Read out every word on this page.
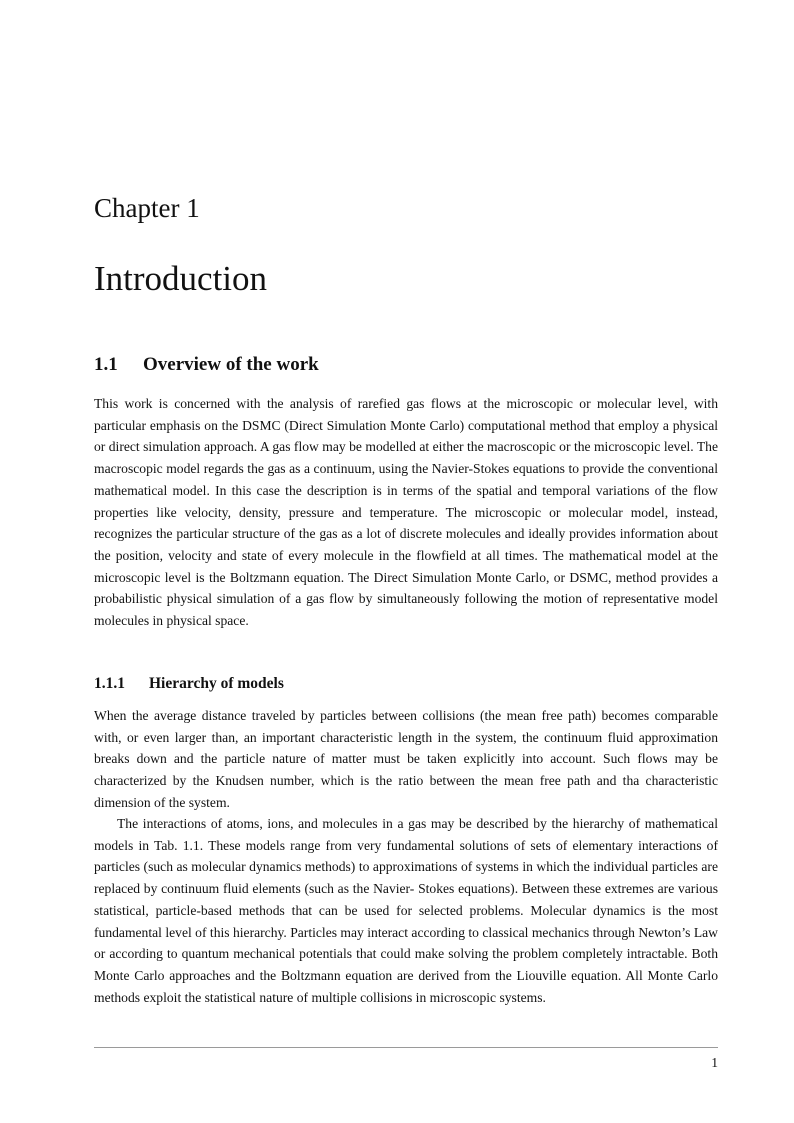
Chapter 1
Introduction
1.1 Overview of the work

This work is concerned with the analysis of rarefied gas flows at the microscopic or molecular level, with particular emphasis on the DSMC (Direct Simulation Monte Carlo) computational method that employ a physical or direct simulation approach. A gas flow may be modelled at either the macroscopic or the microscopic level. The macroscopic model regards the gas as a continuum, using the Navier-Stokes equations to provide the conventional mathematical model. In this case the description is in terms of the spatial and temporal variations of the flow properties like velocity, density, pressure and temperature. The microscopic or molecular model, instead, recognizes the particular structure of the gas as a lot of discrete molecules and ideally provides information about the position, velocity and state of every molecule in the flowfield at all times. The mathematical model at the microscopic level is the Boltzmann equation. The Direct Simulation Monte Carlo, or DSMC, method provides a probabilistic physical simulation of a gas flow by simultaneously following the motion of representative model molecules in physical space.

1.1.1 Hierarchy of models

When the average distance traveled by particles between collisions (the mean free path) becomes comparable with, or even larger than, an important characteristic length in the system, the continuum fluid approximation breaks down and the particle nature of matter must be taken explicitly into account. Such flows may be characterized by the Knudsen number, which is the ratio between the mean free path and tha characteristic dimension of the system.

The interactions of atoms, ions, and molecules in a gas may be described by the hierarchy of mathematical models in Tab. 1.1. These models range from very fundamental solutions of sets of elementary interactions of particles (such as molecular dynamics methods) to approximations of systems in which the individual particles are replaced by continuum fluid elements (such as the Navier- Stokes equations). Between these extremes are various statistical, particle-based methods that can be used for selected problems. Molecular dynamics is the most fundamental level of this hierarchy. Particles may interact according to classical mechanics through Newton’s Law or according to quantum mechanical potentials that could make solving the problem completely intractable. Both Monte Carlo approaches and the Boltzmann equation are derived from the Liouville equation. All Monte Carlo methods exploit the statistical nature of multiple collisions in microscopic systems.

1
